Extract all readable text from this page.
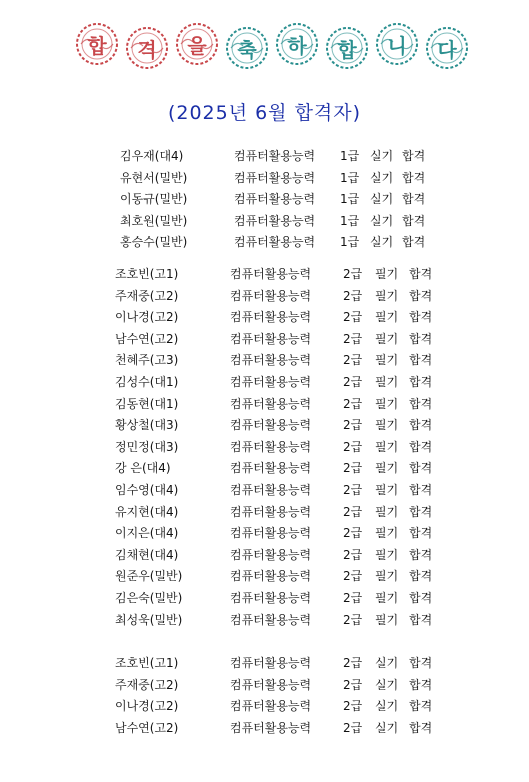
합 격 을 축 하 합 니 다
(2025년 6월 합격자)
김우재(대4)	컴퓨터활용능력 1급 실기 합격
유현서(밀반)	컴퓨터활용능력 1급 실기 합격
이동규(밀반)	컴퓨터활용능력 1급 실기 합격
최호원(밀반)	컴퓨터활용능력 1급 실기 합격
홍승수(밀반)	컴퓨터활용능력 1급 실기 합격
조호빈(고1)	컴퓨터활용능력	2급 필기 합격
주재중(고2)	컴퓨터활용능력	2급 필기 합격
이나경(고2)	컴퓨터활용능력	2급 필기 합격
남수연(고2)	컴퓨터활용능력	2급 필기 합격
천혜주(고3)	컴퓨터활용능력	2급 필기 합격
김성수(대1)	컴퓨터활용능력	2급 필기 합격
김동현(대1)	컴퓨터활용능력	2급 필기 합격
황상철(대3)	컴퓨터활용능력	2급 필기 합격
정민정(대3)	컴퓨터활용능력	2급 필기 합격
강 은(대4)	컴퓨터활용능력	2급 필기 합격
임수영(대4)	컴퓨터활용능력	2급 필기 합격
유지현(대4)	컴퓨터활용능력	2급 필기 합격
이지은(대4)	컴퓨터활용능력	2급 필기 합격
김채현(대4)	컴퓨터활용능력	2급 필기 합격
원준우(밀반)	컴퓨터활용능력	2급 필기 합격
김은숙(밀반)	컴퓨터활용능력	2급 필기 합격
최성욱(밀반)	컴퓨터활용능력	2급 필기 합격
조호빈(고1)	컴퓨터활용능력	2급 실기 합격
주재중(고2)	컴퓨터활용능력	2급 실기 합격
이나경(고2)	컴퓨터활용능력	2급 실기 합격
남수연(고2)	컴퓨터활용능력	2급 실기 합격
